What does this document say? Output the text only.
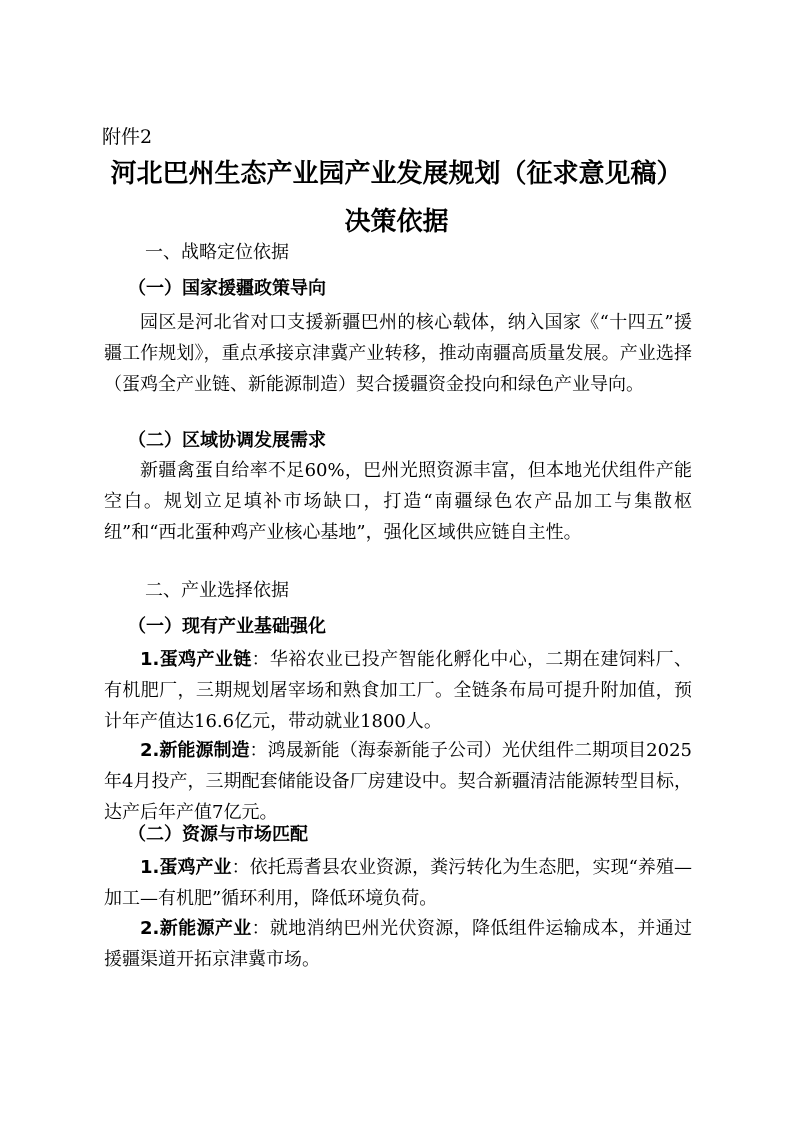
附件2
河北巴州生态产业园产业发展规划（征求意见稿）
决策依据
一、战略定位依据
（一）国家援疆政策导向
园区是河北省对口支援新疆巴州的核心载体，纳入国家《“十四五”援疆工作规划》，重点承接京津冀产业转移，推动南疆高质量发展。产业选择（蛋鸡全产业链、新能源制造）契合援疆资金投向和绿色产业导向。
（二）区域协调发展需求
新疆禽蛋自给率不足60%，巴州光照资源丰富，但本地光伏组件产能空白。规划立足填补市场缺口，打造“南疆绿色农产品加工与集散枢纽”和“西北蛋种鸡产业核心基地”，强化区域供应链自主性。
二、产业选择依据
（一）现有产业基础强化
1.蛋鸡产业链：华裕农业已投产智能化孵化中心，二期在建饲料厂、有机肥厂，三期规划屠宰场和熟食加工厂。全链条布局可提升附加值，预计年产值达16.6亿元，带动就业1800人。
2.新能源制造：鸿晟新能（海泰新能子公司）光伏组件二期项目2025年4月投产，三期配套储能设备厂房建设中。契合新疆清洁能源转型目标，达产后年产值7亿元。
（二）资源与市场匹配
1.蛋鸡产业：依托焉耆县农业资源，粪污转化为生态肥，实现“养殖—加工—有机肥”循环利用，降低环境负荷。
2.新能源产业：就地消纳巴州光伏资源，降低组件运输成本，并通过援疆渠道开拓京津冀市场。
